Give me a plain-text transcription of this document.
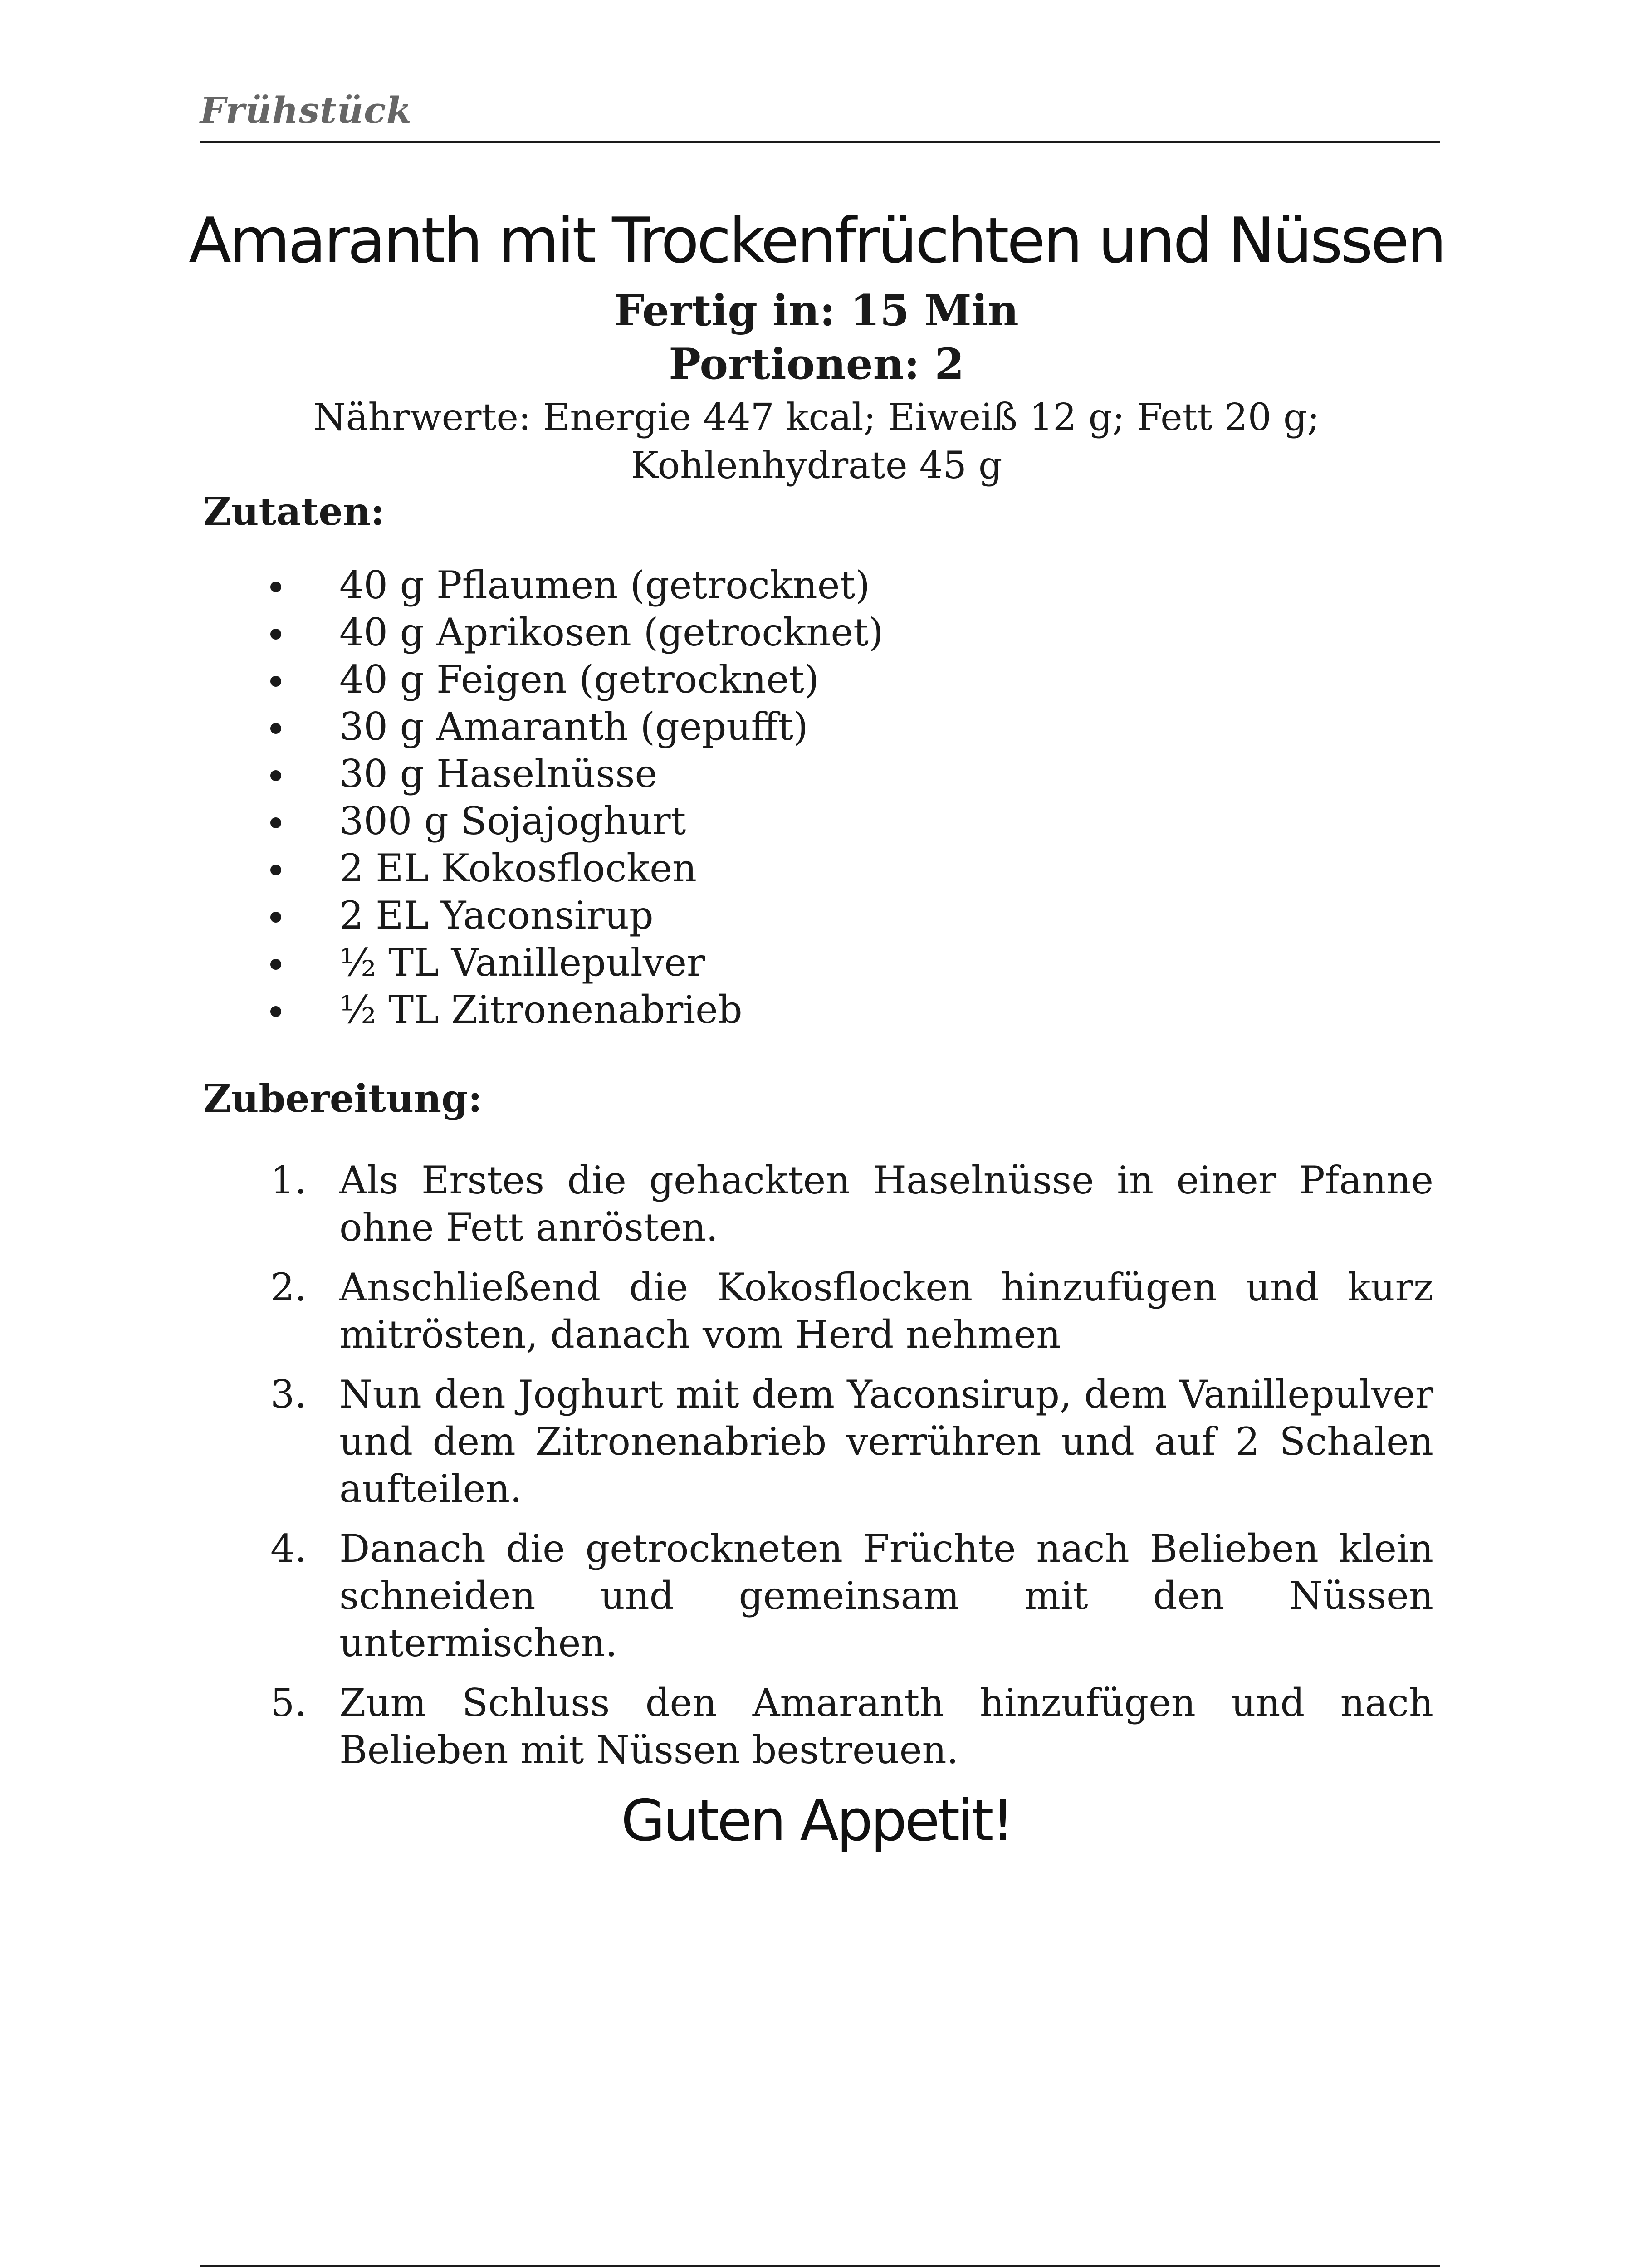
Frühstück
Amaranth mit Trockenfrüchten und Nüssen
Fertig in: 15 Min
Portionen: 2
Nährwerte: Energie 447 kcal; Eiweiß 12 g; Fett 20 g;
Kohlenhydrate 45 g
Zutaten:
40 g Pflaumen (getrocknet)
40 g Aprikosen (getrocknet)
40 g Feigen (getrocknet)
30 g Amaranth (gepufft)
30 g Haselnüsse
300 g Sojajoghurt
2 EL Kokosflocken
2 EL Yaconsirup
½ TL Vanillepulver
½ TL Zitronenabrieb
Zubereitung:
1. Als Erstes die gehackten Haselnüsse in einer Pfanne ohne Fett anrösten.
2. Anschließend die Kokosflocken hinzufügen und kurz mitrösten, danach vom Herd nehmen
3. Nun den Joghurt mit dem Yaconsirup, dem Vanillepulver und dem Zitronenabrieb verrühren und auf 2 Schalen aufteilen.
4. Danach die getrockneten Früchte nach Belieben klein schneiden und gemeinsam mit den Nüssen untermischen.
5. Zum Schluss den Amaranth hinzufügen und nach Belieben mit Nüssen bestreuen.
Guten Appetit!
